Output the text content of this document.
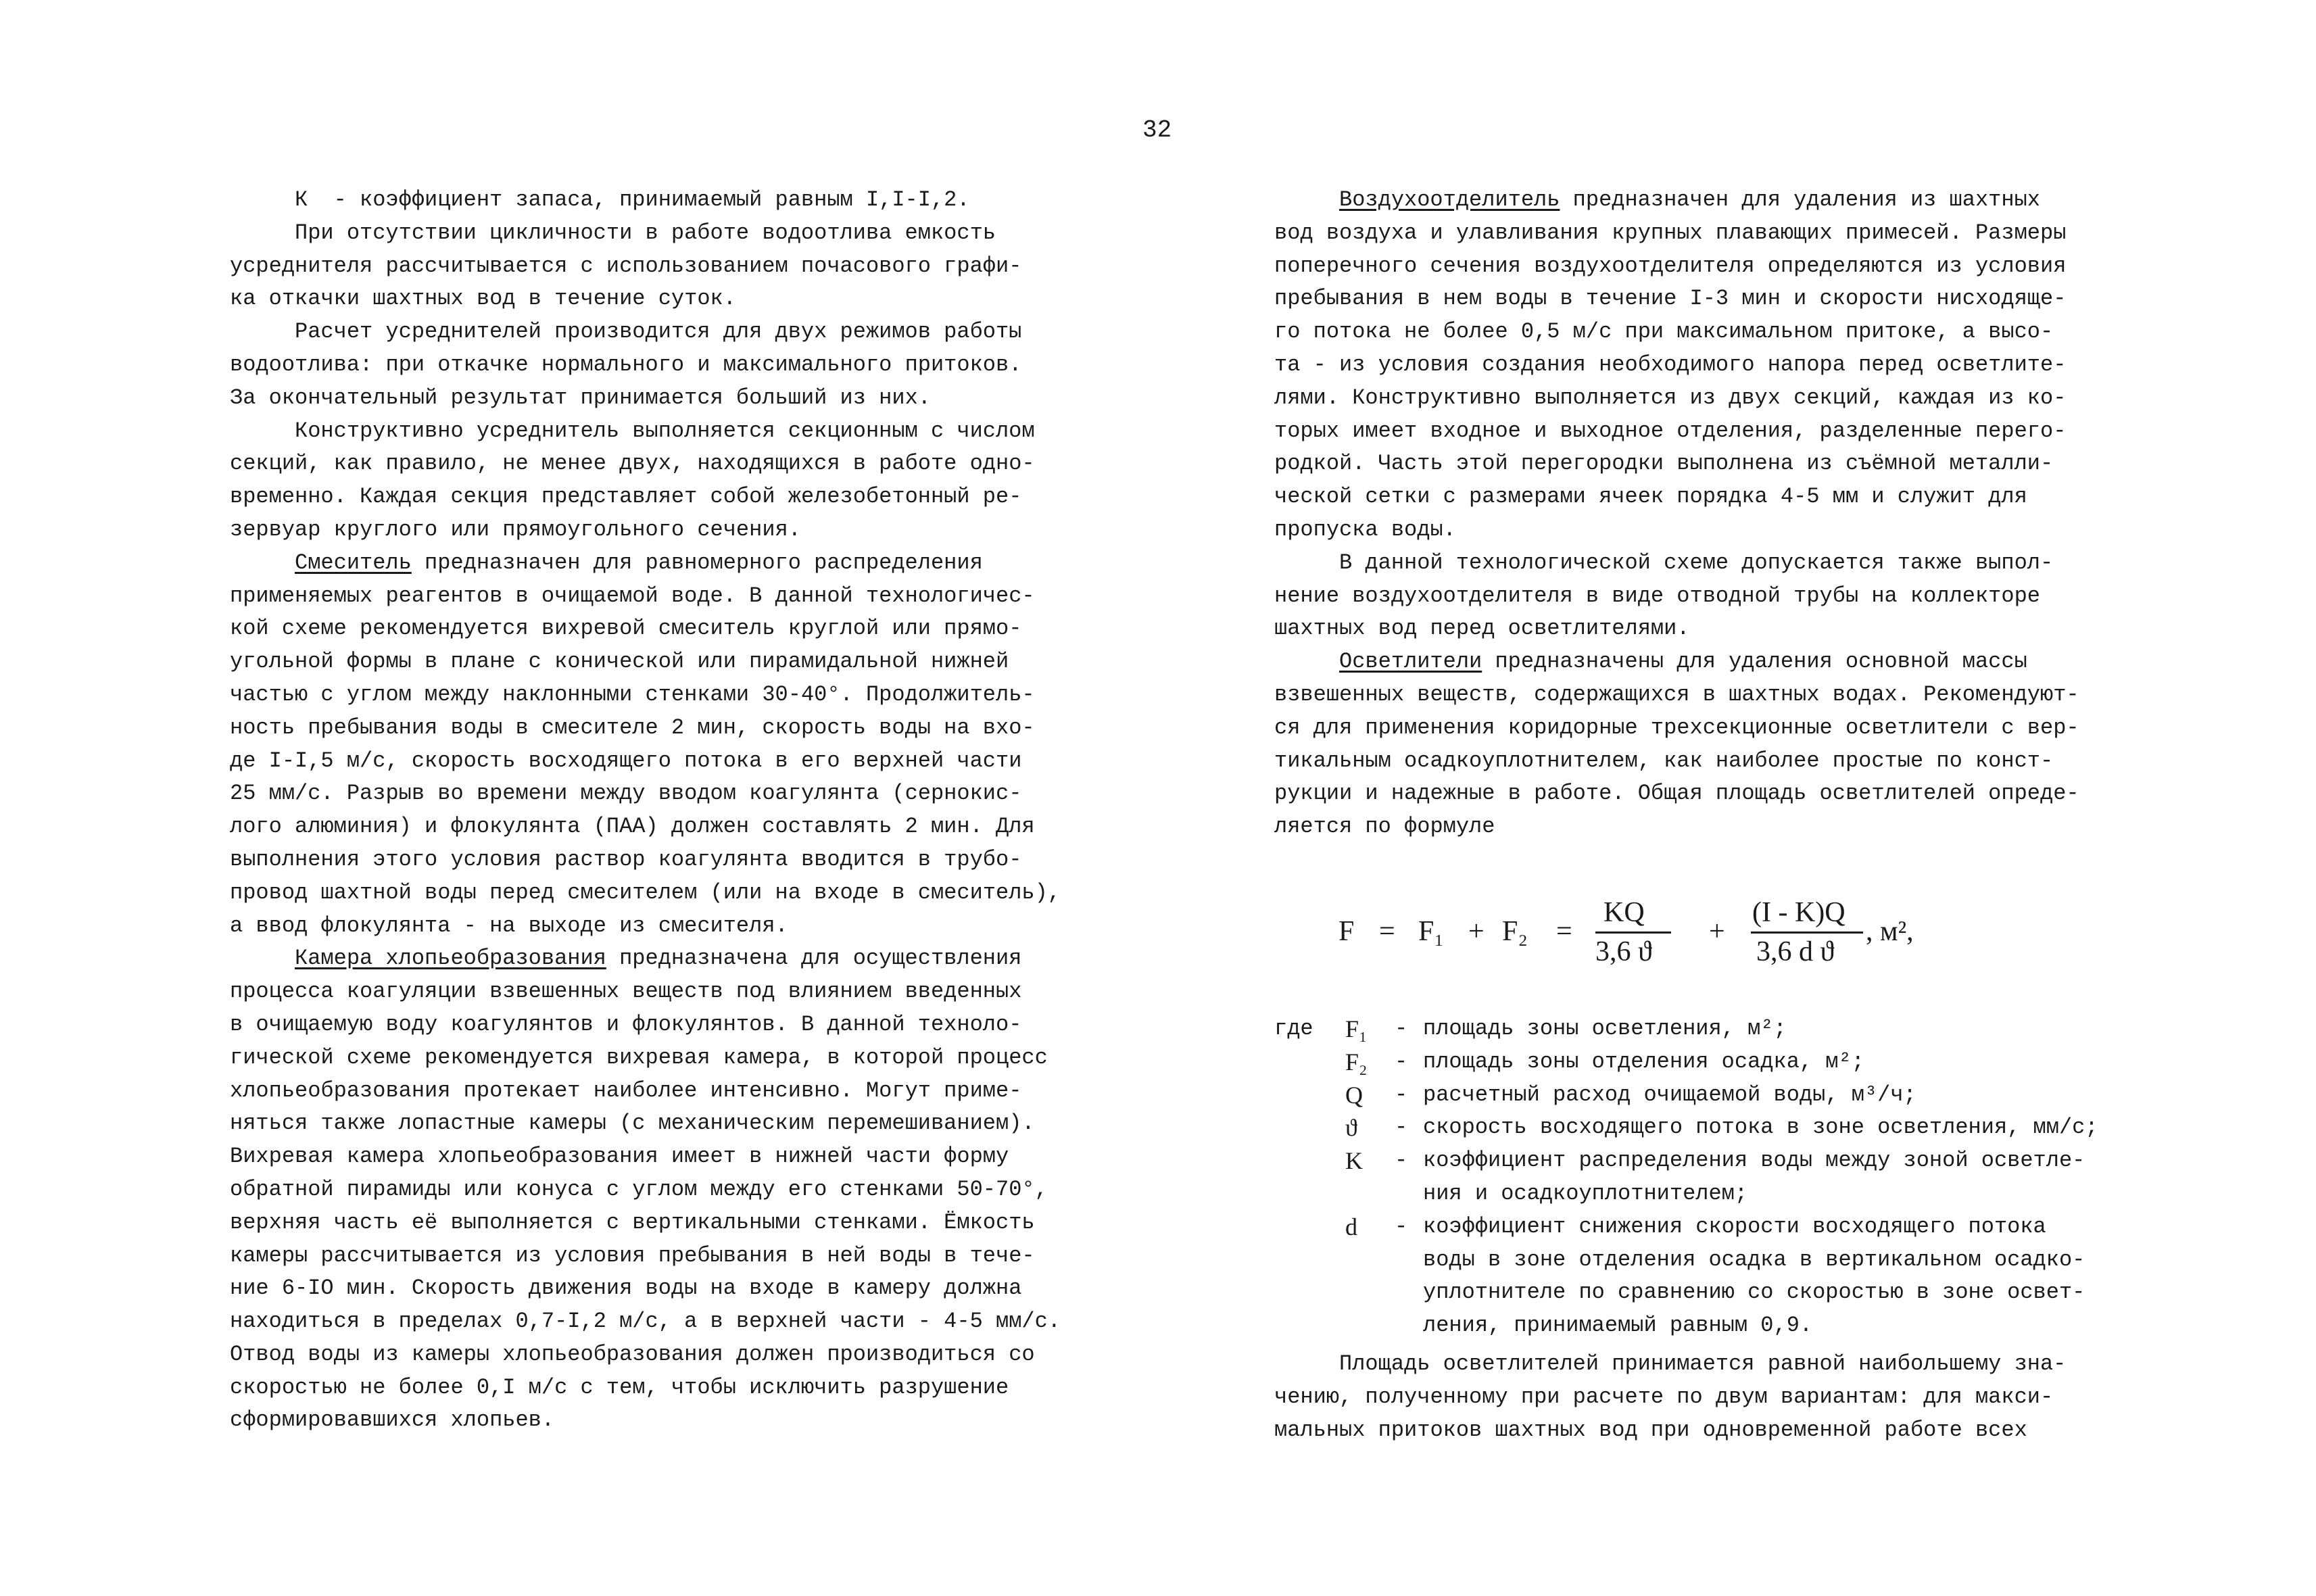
32
К  - коэффициент запаса, принимаемый равным I,I-I,2.
При отсутствии цикличности в работе водоотлива емкость
усреднителя рассчитывается с использованием почасового графи-
ка откачки шахтных вод в течение суток.
Расчет усреднителей производится для двух режимов работы
водоотлива: при откачке нормального и максимального притоков.
За окончательный результат принимается больший из них.
Конструктивно усреднитель выполняется секционным с числом
секций, как правило, не менее двух, находящихся в работе одно-
временно. Каждая секция представляет собой железобетонный ре-
зервуар круглого или прямоугольного сечения.
Смеситель предназначен для равномерного распределения
применяемых реагентов в очищаемой воде. В данной технологичес-
кой схеме рекомендуется вихревой смеситель круглой или прямо-
угольной формы в плане с конической или пирамидальной нижней
частью с углом между наклонными стенками 30-40°. Продолжитель-
ность пребывания воды в смесителе 2 мин, скорость воды на вхо-
де I-I,5 м/с, скорость восходящего потока в его верхней части
25 мм/с. Разрыв во времени между вводом коагулянта (сернокис-
лого алюминия) и флокулянта (ПАА) должен составлять 2 мин. Для
выполнения этого условия раствор коагулянта вводится в трубо-
провод шахтной воды перед смесителем (или на входе в смеситель),
а ввод флокулянта - на выходе из смесителя.
Камера хлопьеобразования предназначена для осуществления
процесса коагуляции взвешенных веществ под влиянием введенных
в очищаемую воду коагулянтов и флокулянтов. В данной техноло-
гической схеме рекомендуется вихревая камера, в которой процесс
хлопьеобразования протекает наиболее интенсивно. Могут приме-
няться также лопастные камеры (с механическим перемешиванием).
Вихревая камера хлопьеобразования имеет в нижней части форму
обратной пирамиды или конуса с углом между его стенками 50-70°,
верхняя часть её выполняется с вертикальными стенками. Ёмкость
камеры рассчитывается из условия пребывания в ней воды в тече-
ние 6-IO мин. Скорость движения воды на входе в камеру должна
находиться в пределах 0,7-I,2 м/с, а в верхней части - 4-5 мм/с.
Отвод воды из камеры хлопьеобразования должен производиться со
скоростью не более 0,I м/с с тем, чтобы исключить разрушение
сформировавшихся хлопьев.
Воздухоотделитель предназначен для удаления из шахтных
вод воздуха и улавливания крупных плавающих примесей. Размеры
поперечного сечения воздухоотделителя определяются из условия
пребывания в нем воды в течение I-3 мин и скорости нисходяще-
го потока не более 0,5 м/с при максимальном притоке, а высо-
та - из условия создания необходимого напора перед осветлите-
лями. Конструктивно выполняется из двух секций, каждая из ко-
торых имеет входное и выходное отделения, разделенные перего-
родкой. Часть этой перегородки выполнена из съёмной металли-
ческой сетки с размерами ячеек порядка 4-5 мм и служит для
пропуска воды.
В данной технологической схеме допускается также выпол-
нение воздухоотделителя в виде отводной трубы на коллекторе
шахтных вод перед осветлителями.
Осветлители предназначены для удаления основной массы
взвешенных веществ, содержащихся в шахтных водах. Рекомендуют-
ся для применения коридорные трехсекционные осветлители с вер-
тикальным осадкоуплотнителем, как наиболее простые по конст-
рукции и надежные в работе. Общая площадь осветлителей опреде-
ляется по формуле
F = F₁ + F₂ =
KQ
3,6 ϑ
+
(I - K)Q
3,6 d ϑ
, м²,
где F₁ - площадь зоны осветления, м²;
F₂ - площадь зоны отделения осадка, м²;
Q - расчетный расход очищаемой воды, м³/ч;
ϑ - скорость восходящего потока в зоне осветления, мм/с;
K - коэффициент распределения воды между зоной осветле-
ния и осадкоуплотнителем;
d - коэффициент снижения скорости восходящего потока
воды в зоне отделения осадка в вертикальном осадко-
уплотнителе по сравнению со скоростью в зоне освет-
ления, принимаемый равным 0,9.
Площадь осветлителей принимается равной наибольшему зна-
чению, полученному при расчете по двум вариантам: для макси-
мальных притоков шахтных вод при одновременной работе всех
